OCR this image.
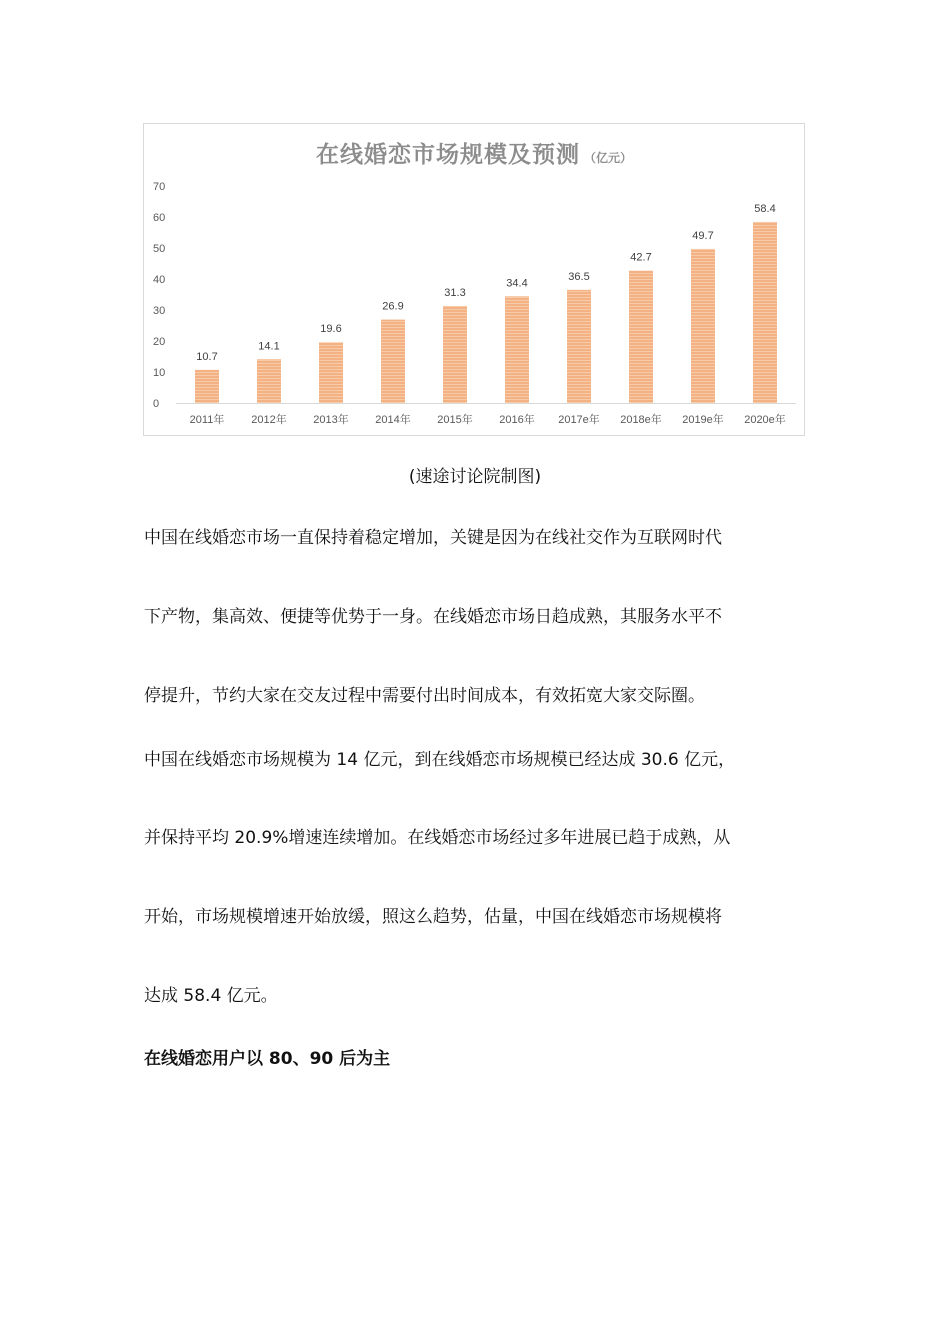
在线婚恋市场规模及预测 （亿元）
0
10
20
30
40
50
60
70
10.7
2011年
14.1
2012年
19.6
2013年
26.9
2014年
31.3
2015年
34.4
2016年
36.5
2017e年
42.7
2018e年
49.7
2019e年
58.4
2020e年
(速途讨论院制图)
中国在线婚恋市场一直保持着稳定增加，关键是因为在线社交作为互联网时代
下产物，集高效、便捷等优势于一身。在线婚恋市场日趋成熟，其服务水平不
停提升，节约大家在交友过程中需要付出时间成本，有效拓宽大家交际圈。
中国在线婚恋市场规模为 14 亿元，到在线婚恋市场规模已经达成 30.6 亿元，
并保持平均 20.9%增速连续增加。在线婚恋市场经过多年进展已趋于成熟，从
开始，市场规模增速开始放缓，照这么趋势，估量，中国在线婚恋市场规模将
达成 58.4 亿元。
在线婚恋用户以 80、90 后为主
